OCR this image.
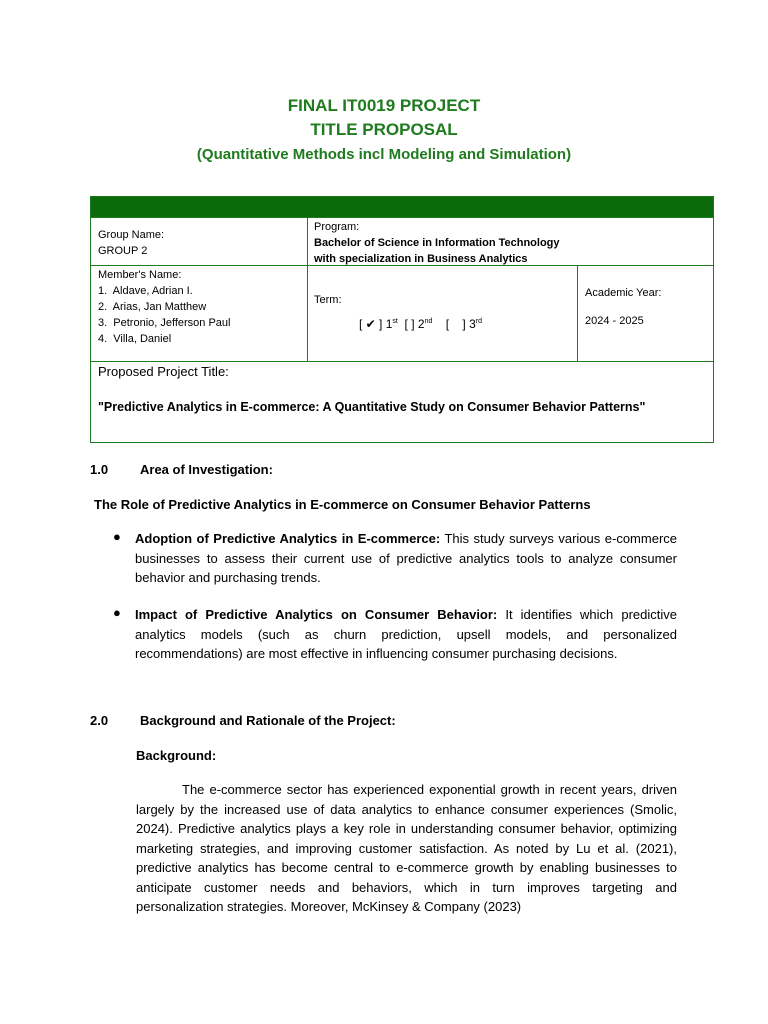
FINAL IT0019 PROJECT
TITLE PROPOSAL
(Quantitative Methods incl Modeling and Simulation)
Group Name:
GROUP 2
Program:
Bachelor of Science in Information Technology
with specialization in Business Analytics
Member's Name:
1.  Aldave, Adrian I.
2.  Arias, Jan Matthew
3.  Petronio, Jefferson Paul
4.  Villa, Daniel
Term:
[ ✔ ] 1st [ ] 2nd [    ] 3rd
Academic Year:
2024 - 2025
Proposed Project Title:
"Predictive Analytics in E-commerce: A Quantitative Study on Consumer Behavior Patterns"
1.0 Area of Investigation:
The Role of Predictive Analytics in E-commerce on Consumer Behavior Patterns
● Adoption of Predictive Analytics in E-commerce: This study surveys various e-commerce businesses to assess their current use of predictive analytics tools to analyze consumer behavior and purchasing trends.
● Impact of Predictive Analytics on Consumer Behavior: It identifies which predictive analytics models (such as churn prediction, upsell models, and personalized recommendations) are most effective in influencing consumer purchasing decisions.
2.0 Background and Rationale of the Project:
Background:
The e-commerce sector has experienced exponential growth in recent years, driven largely by the increased use of data analytics to enhance consumer experiences (Smolic, 2024). Predictive analytics plays a key role in understanding consumer behavior, optimizing marketing strategies, and improving customer satisfaction. As noted by Lu et al. (2021), predictive analytics has become central to e-commerce growth by enabling businesses to anticipate customer needs and behaviors, which in turn improves targeting and personalization strategies. Moreover, McKinsey & Company (2023)
